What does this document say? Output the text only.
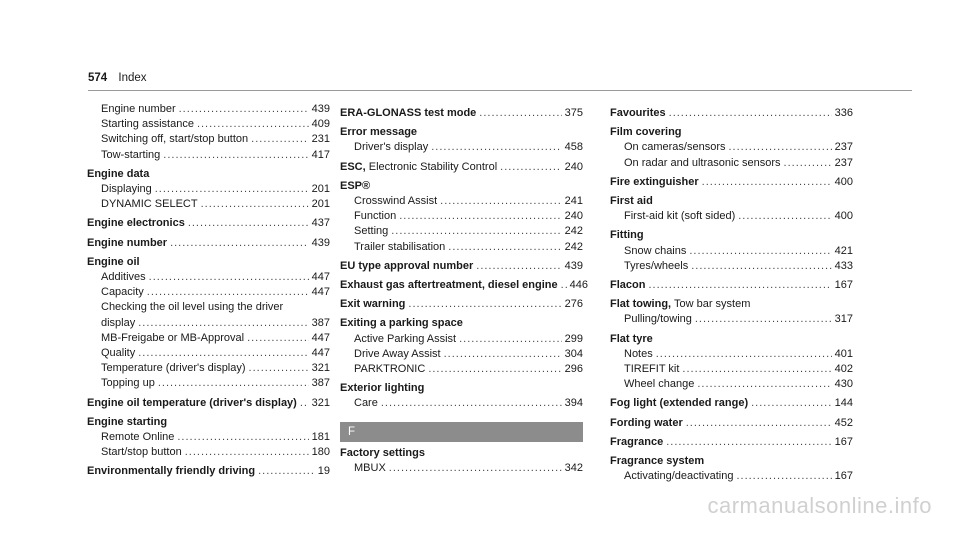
574 Index
Engine number .....	439
Starting assistance .....	409
Switching off, start/stop button .....	231
Tow-starting .....	417
Engine data
Displaying .....	201
DYNAMIC SELECT .....	201
Engine electronics .....	437
Engine number .....	439
Engine oil
Additives .....	447
Capacity .....	447
Checking the oil level using the driver
display .....	387
MB-Freigabe or MB-Approval .....	447
Quality .....	447
Temperature (driver's display) .....	321
Topping up .....	387
Engine oil temperature (driver's display) ..... 321
Engine starting
Remote Online .....	181
Start/stop button .....	180
Environmentally friendly driving .....	19
ERA-GLONASS test mode .....	375
Error message
Driver's display .....	458
ESC, Electronic Stability Control .....	240
ESP®
Crosswind Assist .....	241
Function .....	240
Setting .....	242
Trailer stabilisation .....	242
EU type approval number .....	439
Exhaust gas aftertreatment, diesel engine ..... 446
Exit warning .....	276
Exiting a parking space
Active Parking Assist .....	299
Drive Away Assist .....	304
PARKTRONIC .....	296
Exterior lighting
Care .....	394
F
Factory settings
MBUX .....	342
Favourites .....	336
Film covering
On cameras/sensors .....	237
On radar and ultrasonic sensors .....	237
Fire extinguisher .....	400
First aid
First-aid kit (soft sided) .....	400
Fitting
Snow chains .....	421
Tyres/wheels .....	433
Flacon .....	167
Flat towing, Tow bar system
Pulling/towing .....	317
Flat tyre
Notes .....	401
TIREFIT kit .....	402
Wheel change .....	430
Fog light (extended range) .....	144
Fording water .....	452
Fragrance .....	167
Fragrance system
Activating/deactivating .....	167
carmanualsonline.info
